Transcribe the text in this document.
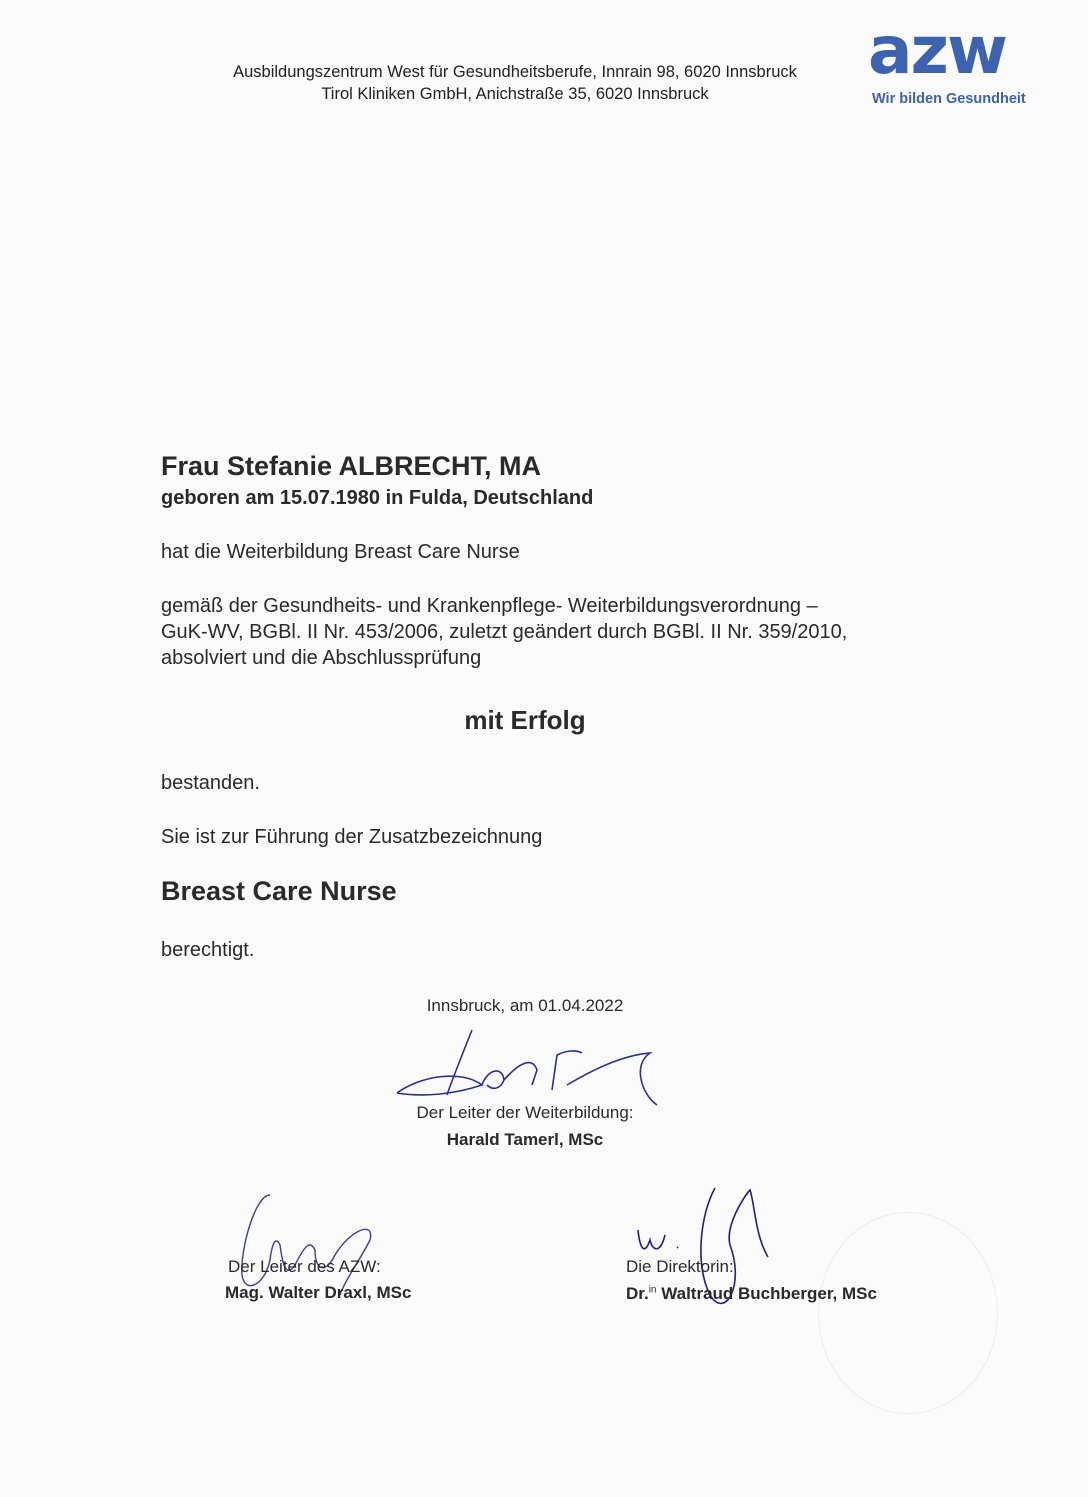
Ausbildungszentrum West für Gesundheitsberufe, Innrain 98, 6020 Innsbruck
Tirol Kliniken GmbH, Anichstraße 35, 6020 Innsbruck
azw
Wir bilden Gesundheit
Frau Stefanie ALBRECHT, MA
geboren am 15.07.1980 in Fulda, Deutschland
hat die Weiterbildung Breast Care Nurse
gemäß der Gesundheits- und Krankenpflege- Weiterbildungsverordnung –
GuK-WV, BGBl. II Nr. 453/2006, zuletzt geändert durch BGBl. II Nr. 359/2010,
absolviert und die Abschlussprüfung
mit Erfolg
bestanden.
Sie ist zur Führung der Zusatzbezeichnung
Breast Care Nurse
berechtigt.
Innsbruck, am 01.04.2022
Der Leiter der Weiterbildung:
Harald Tamerl, MSc
Der Leiter des AZW:
Mag. Walter Draxl, MSc
Die Direktorin:
Dr.$^{in}$ Waltraud Buchberger, MSc
